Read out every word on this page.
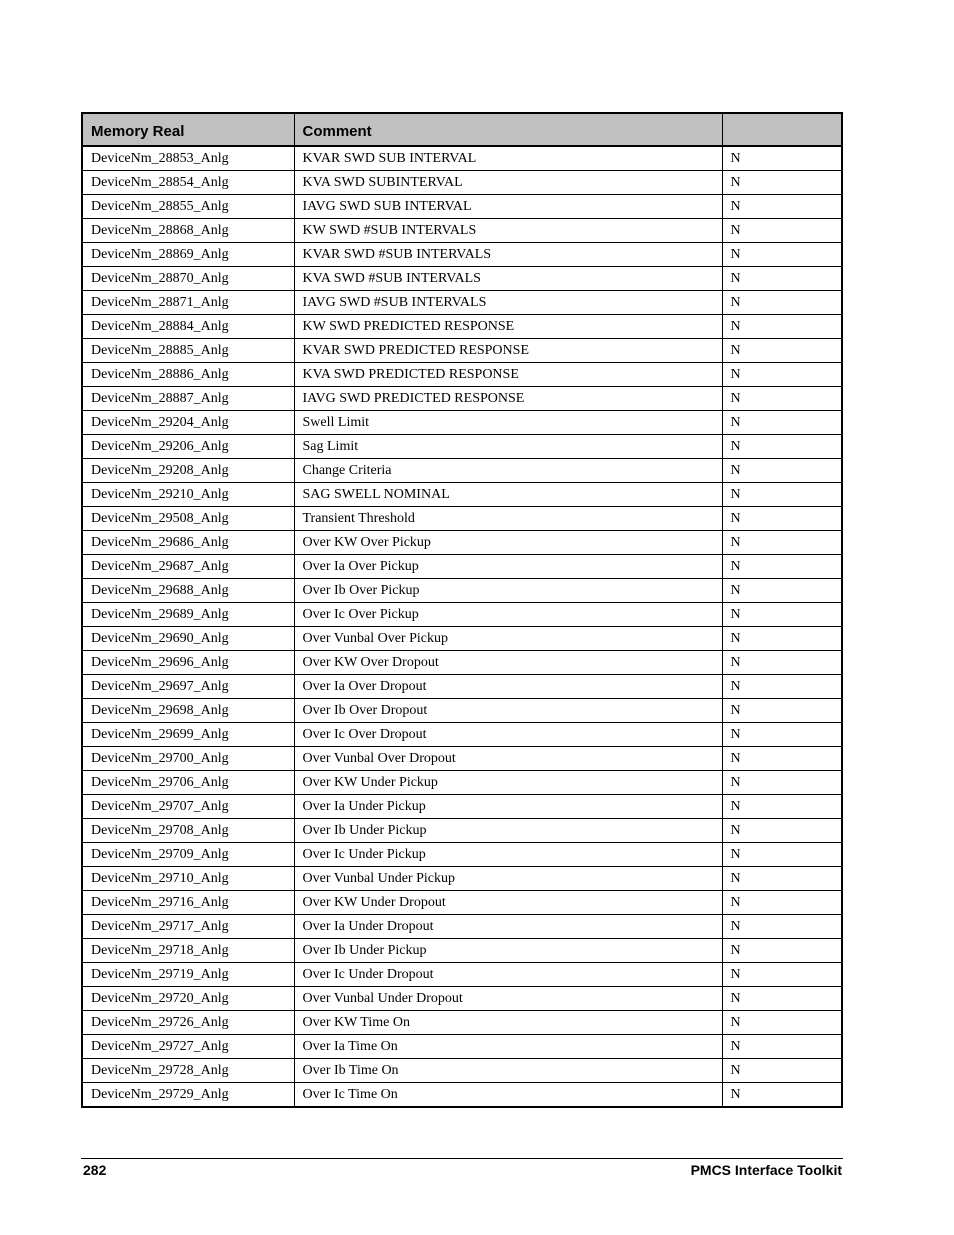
Memory Real	Comment	
DeviceNm_28853_Anlg	KVAR SWD SUB INTERVAL	N
DeviceNm_28854_Anlg	KVA SWD SUBINTERVAL	N
DeviceNm_28855_Anlg	IAVG SWD SUB INTERVAL	N
DeviceNm_28868_Anlg	KW SWD #SUB INTERVALS	N
DeviceNm_28869_Anlg	KVAR SWD #SUB INTERVALS	N
DeviceNm_28870_Anlg	KVA SWD #SUB INTERVALS	N
DeviceNm_28871_Anlg	IAVG SWD #SUB INTERVALS	N
DeviceNm_28884_Anlg	KW SWD PREDICTED RESPONSE	N
DeviceNm_28885_Anlg	KVAR SWD PREDICTED RESPONSE	N
DeviceNm_28886_Anlg	KVA SWD PREDICTED RESPONSE	N
DeviceNm_28887_Anlg	IAVG SWD PREDICTED RESPONSE	N
DeviceNm_29204_Anlg	Swell Limit	N
DeviceNm_29206_Anlg	Sag Limit	N
DeviceNm_29208_Anlg	Change Criteria	N
DeviceNm_29210_Anlg	SAG SWELL NOMINAL	N
DeviceNm_29508_Anlg	Transient Threshold	N
DeviceNm_29686_Anlg	Over KW Over Pickup	N
DeviceNm_29687_Anlg	Over Ia Over Pickup	N
DeviceNm_29688_Anlg	Over Ib Over Pickup	N
DeviceNm_29689_Anlg	Over Ic Over Pickup	N
DeviceNm_29690_Anlg	Over Vunbal Over Pickup	N
DeviceNm_29696_Anlg	Over KW Over Dropout	N
DeviceNm_29697_Anlg	Over Ia Over Dropout	N
DeviceNm_29698_Anlg	Over Ib Over Dropout	N
DeviceNm_29699_Anlg	Over Ic Over Dropout	N
DeviceNm_29700_Anlg	Over Vunbal Over Dropout	N
DeviceNm_29706_Anlg	Over KW Under Pickup	N
DeviceNm_29707_Anlg	Over Ia Under Pickup	N
DeviceNm_29708_Anlg	Over Ib Under Pickup	N
DeviceNm_29709_Anlg	Over Ic Under Pickup	N
DeviceNm_29710_Anlg	Over Vunbal Under Pickup	N
DeviceNm_29716_Anlg	Over KW Under Dropout	N
DeviceNm_29717_Anlg	Over Ia Under Dropout	N
DeviceNm_29718_Anlg	Over Ib Under Pickup	N
DeviceNm_29719_Anlg	Over Ic Under Dropout	N
DeviceNm_29720_Anlg	Over Vunbal Under Dropout	N
DeviceNm_29726_Anlg	Over KW Time On	N
DeviceNm_29727_Anlg	Over Ia Time On	N
DeviceNm_29728_Anlg	Over Ib Time On	N
DeviceNm_29729_Anlg	Over Ic Time On	N
282	PMCS Interface Toolkit
